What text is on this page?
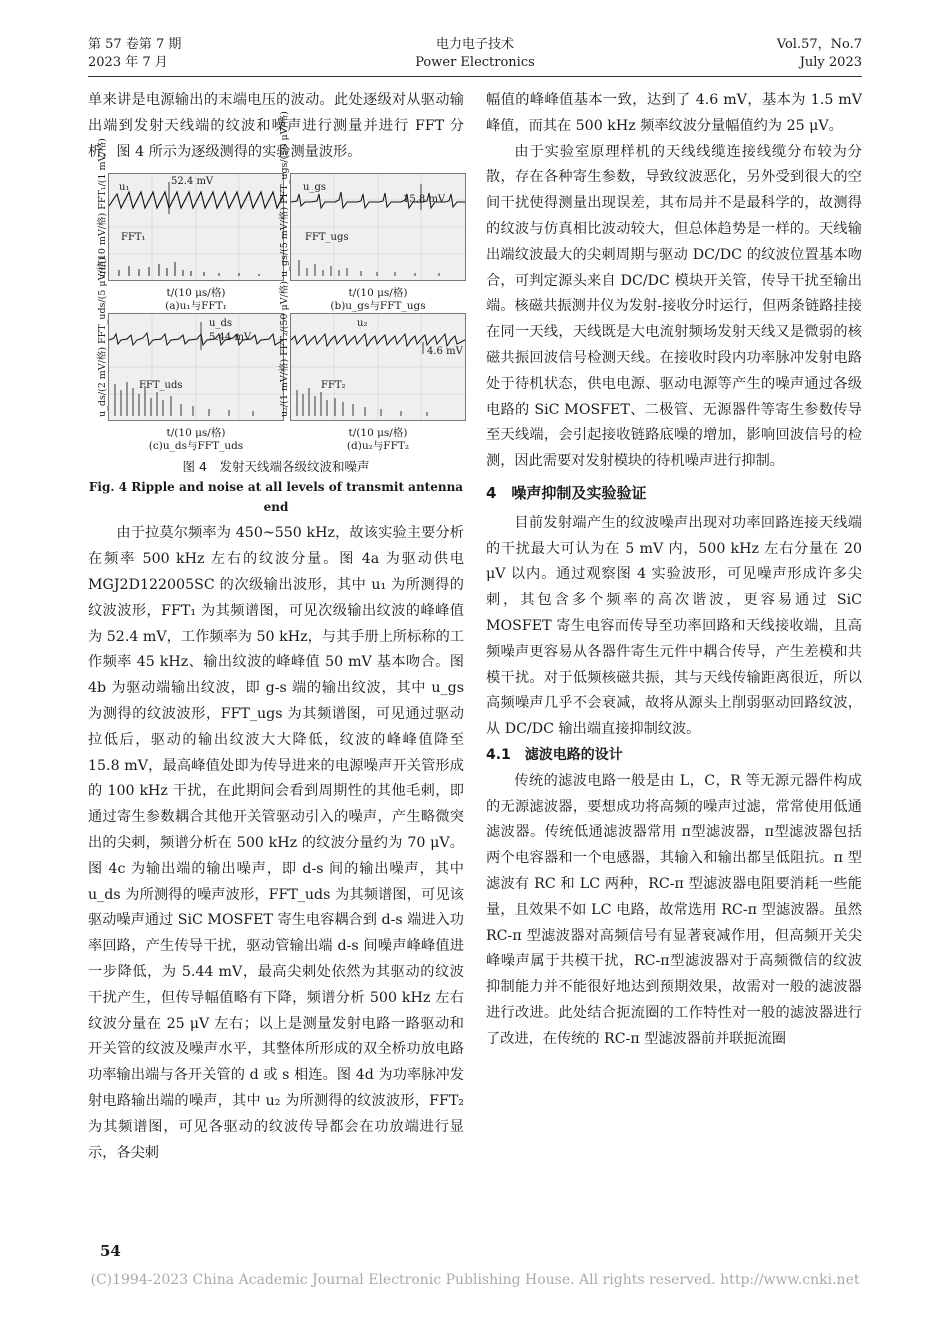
第 57 卷第 7 期
2023 年 7 月
电力电子技术
Power Electronics
Vol.57，No.7
July 2023

单来讲是电源输出的末端电压的波动。此处逐级对从驱动输出端到发射天线端的纹波和噪声进行测量并进行 FFT 分析，图 4 所示为逐级测得的实验测量波形。

u₁
52.4 mV
FFT₁
u₁/(10 mV/格) FFT₁/(1 mV/格)
t/(10 μs/格)
(a)u₁与FFT₁
u_gs
15.8 mV
FFT_ugs
u_gs/(5 mV/格) FFT_ugs/(50 μV/格)
t/(10 μs/格)
(b)u_gs与FFT_ugs
u_ds
5.44 mV
FFT_uds
u_ds/(2 mV/格) FFT_uds/(5 μV/格)
t/(10 μs/格)
(c)u_ds与FFT_uds
u₂
4.6 mV
FFT₂
u₂/(1 mV/格) FFT₂/(50 μV/格)
t/(10 μs/格)
(d)u₂与FFT₂

图 4　发射天线端各级纹波和噪声

Fig. 4 Ripple and noise at all levels of transmit antenna end

由于拉莫尔频率为 450~550 kHz，故该实验主要分析在频率 500 kHz 左右的纹波分量。图 4a 为驱动供电 MGJ2D122005SC 的次级输出波形，其中 u₁ 为所测得的纹波波形，FFT₁ 为其频谱图，可见次级输出纹波的峰峰值为 52.4 mV，工作频率为 50 kHz，与其手册上所标称的工作频率 45 kHz、输出纹波的峰峰值 50 mV 基本吻合。图 4b 为驱动端输出纹波，即 g-s 端的输出纹波，其中 u_gs 为测得的纹波波形，FFT_ugs 为其频谱图，可见通过驱动拉低后，驱动的输出纹波大大降低，纹波的峰峰值降至 15.8 mV，最高峰值处即为传导进来的电源噪声开关管形成的 100 kHz 干扰，在此期间会看到周期性的其他毛刺，即通过寄生参数耦合其他开关管驱动引入的噪声，产生略微突出的尖刺，频谱分析在 500 kHz 的纹波分量约为 70 μV。图 4c 为输出端的输出噪声，即 d-s 间的输出噪声，其中 u_ds 为所测得的噪声波形，FFT_uds 为其频谱图，可见该驱动噪声通过 SiC MOSFET 寄生电容耦合到 d-s 端进入功率回路，产生传导干扰，驱动管输出端 d-s 间噪声峰峰值进一步降低，为 5.44 mV，最高尖刺处依然为其驱动的纹波干扰产生，但传导幅值略有下降，频谱分析 500 kHz 左右纹波分量在 25 μV 左右；以上是测量发射电路一路驱动和开关管的纹波及噪声水平，其整体所形成的双全桥功放电路功率输出端与各开关管的 d 或 s 相连。图 4d 为功率脉冲发射电路输出端的噪声，其中 u₂ 为所测得的纹波波形，FFT₂ 为其频谱图，可见各驱动的纹波传导都会在功放端进行显示，各尖刺

幅值的峰峰值基本一致，达到了 4.6 mV，基本为 1.5 mV 峰值，而其在 500 kHz 频率纹波分量幅值约为 25 μV。

由于实验室原理样机的天线线缆连接线缆分布较为分散，存在各种寄生参数，导致纹波恶化，另外受到很大的空间干扰使得测量出现误差，其布局并不是最科学的，故测得的纹波与仿真相比波动较大，但总体趋势是一样的。天线输出端纹波最大的尖刺周期与驱动 DC/DC 的纹波位置基本吻合，可判定源头来自 DC/DC 模块开关管，传导干扰至输出端。核磁共振测井仪为发射-接收分时运行，但两条链路挂接在同一天线，天线既是大电流射频场发射天线又是微弱的核磁共振回波信号检测天线。在接收时段内功率脉冲发射电路处于待机状态，供电电源、驱动电源等产生的噪声通过各级电路的 SiC MOSFET、二极管、无源器件等寄生参数传导至天线端，会引起接收链路底噪的增加，影响回波信号的检测，因此需要对发射模块的待机噪声进行抑制。

4　噪声抑制及实验验证

目前发射端产生的纹波噪声出现对功率回路连接天线端的干扰最大可认为在 5 mV 内，500 kHz 左右分量在 20 μV 以内。通过观察图 4 实验波形，可见噪声形成许多尖刺，其包含多个频率的高次谐波，更容易通过 SiC MOSFET 寄生电容而传导至功率回路和天线接收端，且高频噪声更容易从各器件寄生元件中耦合传导，产生差模和共模干扰。对于低频核磁共振，其与天线传输距离很近，所以高频噪声几乎不会衰减，故将从源头上削弱驱动回路纹波，从 DC/DC 输出端直接抑制纹波。

4.1　滤波电路的设计

传统的滤波电路一般是由 L，C，R 等无源元器件构成的无源滤波器，要想成功将高频的噪声过滤，常常使用低通滤波器。传统低通滤波器常用 π型滤波器，π型滤波器包括两个电容器和一个电感器，其输入和输出都呈低阻抗。π 型滤波有 RC 和 LC 两种，RC-π 型滤波器电阻要消耗一些能量，且效果不如 LC 电路，故常选用 RC-π 型滤波器。虽然 RC-π 型滤波器对高频信号有显著衰减作用，但高频开关尖峰噪声属于共模干扰，RC-π型滤波器对于高频微信的纹波抑制能力并不能很好地达到预期效果，故需对一般的滤波器进行改进。此处结合扼流圈的工作特性对一般的滤波器进行了改进，在传统的 RC-π 型滤波器前并联扼流圈

54
(C)1994-2023 China Academic Journal Electronic Publishing House. All rights reserved. http://www.cnki.net
